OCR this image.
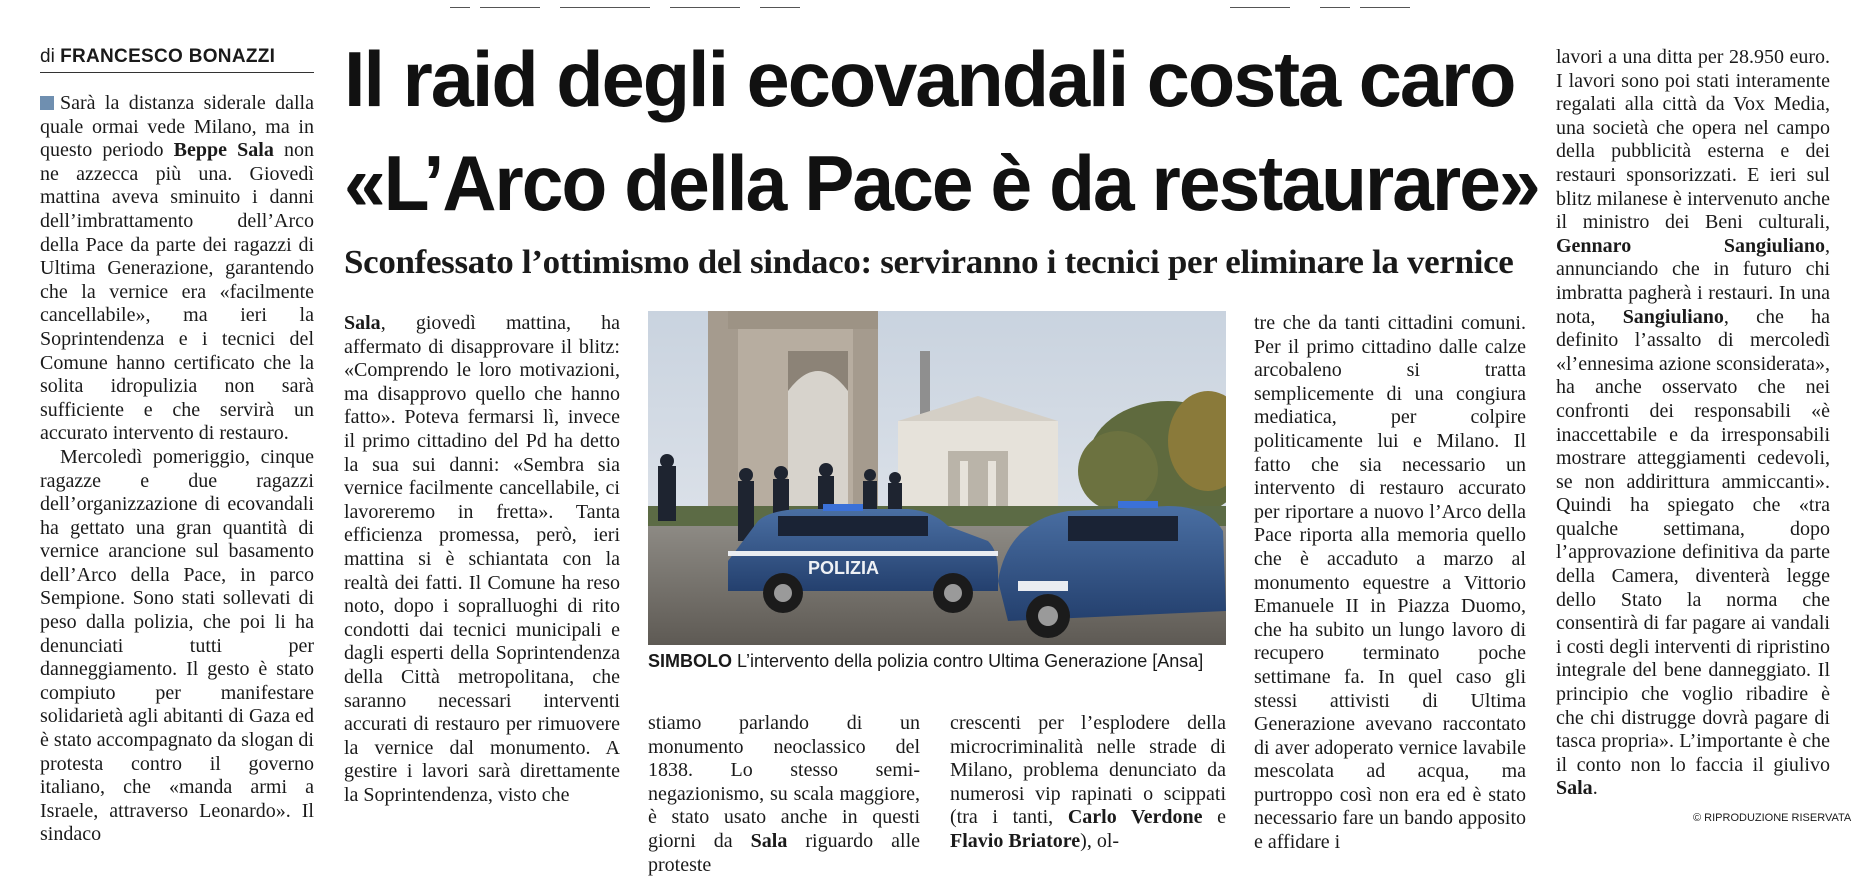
di FRANCESCO BONAZZI Il raid degli ecovandali costa caro
«L’Arco della Pace è da restaurare»
Sconfessato l’ottimismo del sindaco: serviranno i tecnici per eliminare la vernice

Sarà la distanza siderale dalla quale ormai vede Milano, ma in questo periodo Beppe Sala non ne azzecca più una. Giovedì mattina aveva sminuito i danni dell’imbrattamento dell’Arco della Pace da parte dei ragazzi di Ultima Generazione, garantendo che la vernice era «facilmente cancellabile», ma ieri la Soprintendenza e i tecnici del Comune hanno certificato che la solita idropulizia non sarà sufficiente e che servirà un accurato intervento di restauro.

Mercoledì pomeriggio, cinque ragazze e due ragazzi dell’organizzazione di ecovandali ha gettato una gran quantità di vernice arancione sul basamento dell’Arco della Pace, in parco Sempione. Sono stati sollevati di peso dalla polizia, che poi li ha denunciati tutti per danneggiamento. Il gesto è stato compiuto per manifestare solidarietà agli abitanti di Gaza ed è stato accompagnato da slogan di protesta contro il governo italiano, che «manda armi a Israele, attraverso Leonardo». Il sindaco

Sala, giovedì mattina, ha affermato di disapprovare il blitz: «Comprendo le loro motivazioni, ma disapprovo quello che hanno fatto». Poteva fermarsi lì, invece il primo cittadino del Pd ha detto la sua sui danni: «Sembra sia vernice facilmente cancellabile, ci lavoreremo in fretta». Tanta efficienza promessa, però, ieri mattina si è schiantata con la realtà dei fatti. Il Comune ha reso noto, dopo i sopralluoghi di rito condotti dai tecnici municipali e dagli esperti della Soprintendenza della Città metropolitana, che saranno necessari interventi accurati di restauro per rimuovere la vernice dal monumento. A gestire i lavori sarà direttamente la Soprintendenza, visto che

POLIZIA
SIMBOLO L’intervento della polizia contro Ultima Generazione [Ansa]

stiamo parlando di un monumento neoclassico del 1838. Lo stesso semi-negazionismo, su scala maggiore, è stato usato anche in questi giorni da Sala riguardo alle proteste

crescenti per l’esplodere della microcriminalità nelle strade di Milano, problema denunciato da numerosi vip rapinati o scippati (tra i tanti, Carlo Verdone e Flavio Briatore), ol-

tre che da tanti cittadini comuni. Per il primo cittadino dalle calze arcobaleno si tratta semplicemente di una congiura mediatica, per colpire politicamente lui e Milano. Il fatto che sia necessario un intervento di restauro accurato per riportare a nuovo l’Arco della Pace riporta alla memoria quello che è accaduto a marzo al monumento equestre a Vittorio Emanuele II in Piazza Duomo, che ha subito un lungo lavoro di recupero terminato poche settimane fa. In quel caso gli stessi attivisti di Ultima Generazione avevano raccontato di aver adoperato vernice lavabile mescolata ad acqua, ma purtroppo così non era ed è stato necessario fare un bando apposito e affidare i

lavori a una ditta per 28.950 euro. I lavori sono poi stati interamente regalati alla città da Vox Media, una società che opera nel campo della pubblicità esterna e dei restauri sponsorizzati. E ieri sul blitz milanese è intervenuto anche il ministro dei Beni culturali, Gennaro Sangiuliano, annunciando che in futuro chi imbratta pagherà i restauri. In una nota, Sangiuliano, che ha definito l’assalto di mercoledì «l’ennesima azione sconsiderata», ha anche osservato che nei confronti dei responsabili «è inaccettabile e da irresponsabili mostrare atteggiamenti cedevoli, se non addirittura ammiccanti». Quindi ha spiegato che «tra qualche settimana, dopo l’approvazione definitiva da parte della Camera, diventerà legge dello Stato la norma che consentirà di far pagare ai vandali i costi degli interventi di ripristino integrale del bene danneggiato. Il principio che voglio ribadire è che chi distrugge dovrà pagare di tasca propria». L’importante è che il conto non lo faccia il giulivo Sala.

© RIPRODUZIONE RISERVATA
